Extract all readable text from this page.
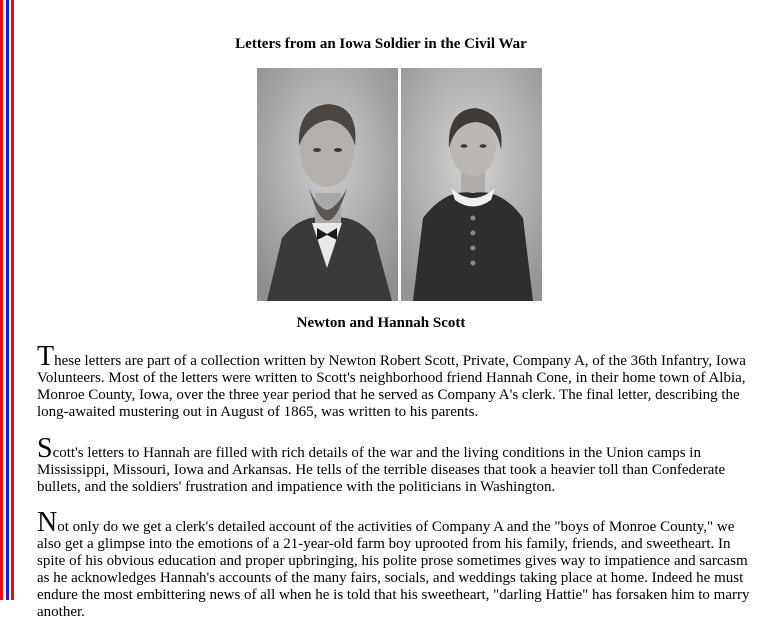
Letters from an Iowa Soldier in the Civil War
Newton and Hannah Scott

These letters are part of a collection written by Newton Robert Scott, Private, Company A, of the 36th Infantry, Iowa Volunteers. Most of the letters were written to Scott's neighborhood friend Hannah Cone, in their home town of Albia, Monroe County, Iowa, over the three year period that he served as Company A's clerk. The final letter, describing the long-awaited mustering out in August of 1865, was written to his parents.

Scott's letters to Hannah are filled with rich details of the war and the living conditions in the Union camps in Mississippi, Missouri, Iowa and Arkansas. He tells of the terrible diseases that took a heavier toll than Confederate bullets, and the soldiers' frustration and impatience with the politicians in Washington.

Not only do we get a clerk's detailed account of the activities of Company A and the "boys of Monroe County," we also get a glimpse into the emotions of a 21-year-old farm boy uprooted from his family, friends, and sweetheart. In spite of his obvious education and proper upbringing, his polite prose sometimes gives way to impatience and sarcasm as he acknowledges Hannah's accounts of the many fairs, socials, and weddings taking place at home. Indeed he must endure the most embittering news of all when he is told that his sweetheart, "darling Hattie" has forsaken him to marry another.
